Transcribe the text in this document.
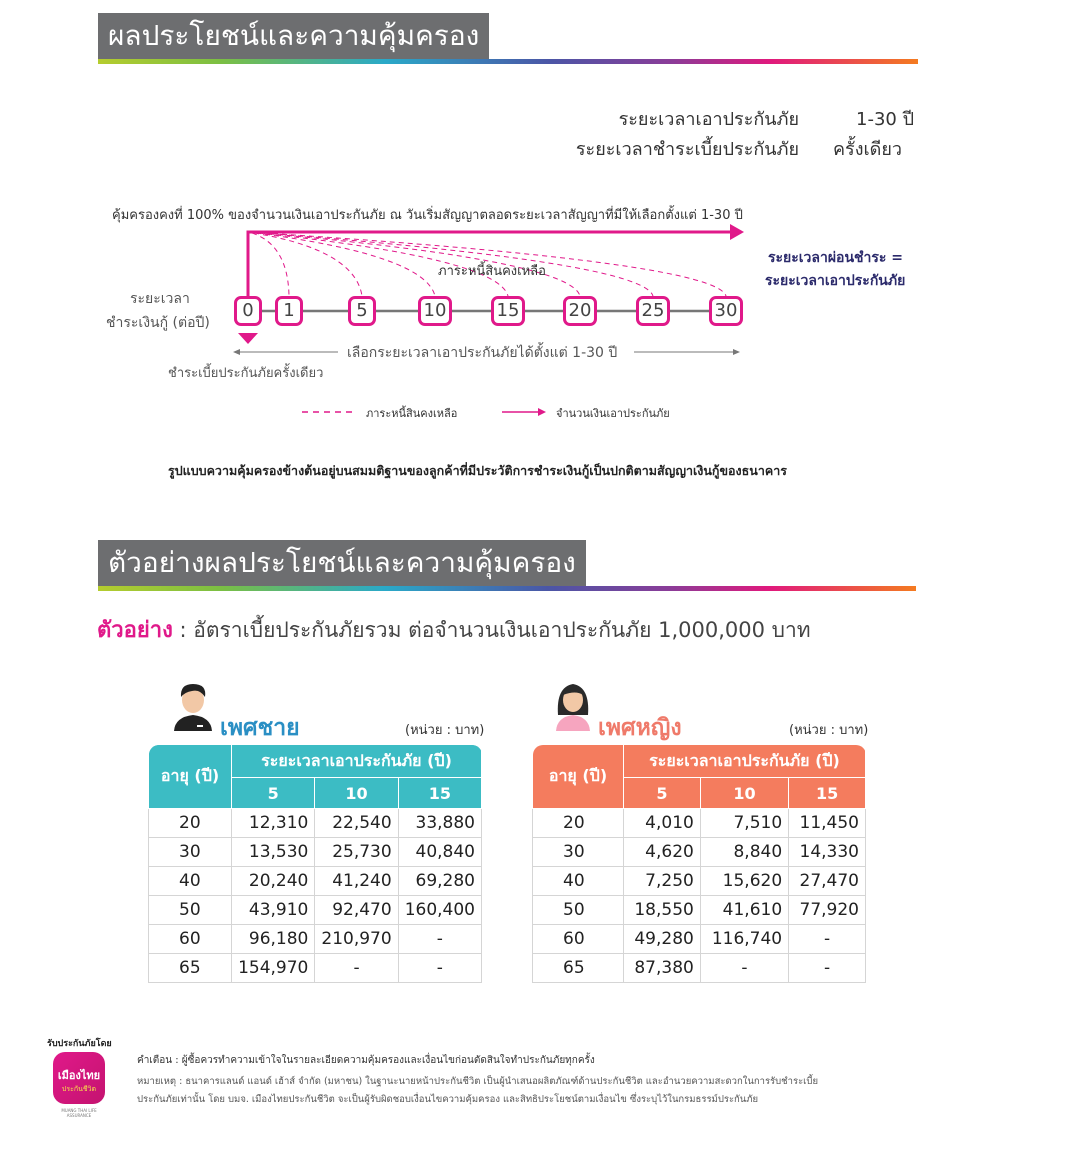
ผลประโยชน์และความคุ้มครอง
ระยะเวลาเอาประกันภัย	1-30 ปี
ระยะเวลาชำระเบี้ยประกันภัย ครั้งเดียว
คุ้มครองคงที่ 100% ของจำนวนเงินเอาประกันภัย ณ วันเริ่มสัญญาตลอดระยะเวลาสัญญาที่มีให้เลือกตั้งแต่ 1-30 ปี
0	1	5	10	15	20	25	30
ภาระหนี้สินคงเหลือ
ระยะเวลา
ชำระเงินกู้ (ต่อปี)
ระยะเวลาผ่อนชำระ =
ระยะเวลาเอาประกันภัย
เลือกระยะเวลาเอาประกันภัยได้ตั้งแต่ 1-30 ปี
ชำระเบี้ยประกันภัยครั้งเดียว
ภาระหนี้สินคงเหลือ	จำนวนเงินเอาประกันภัย
รูปแบบความคุ้มครองข้างต้นอยู่บนสมมติฐานของลูกค้าที่มีประวัติการชำระเงินกู้เป็นปกติตามสัญญาเงินกู้ของธนาคาร
ตัวอย่างผลประโยชน์และความคุ้มครอง
ตัวอย่าง : อัตราเบี้ยประกันภัยรวม ต่อจำนวนเงินเอาประกันภัย 1,000,000 บาท
เพศชาย	(หน่วย : บาท)	เพศหญิง	(หน่วย : บาท)
อายุ (ปี)	ระยะเวลาเอาประกันภัย (ปี)		
	5	10	15
20	12,310	22,540	33,880
30	13,530	25,730	40,840
40	20,240	41,240	69,280
50	43,910	92,470	160,400
60	96,180	210,970	-
65	154,970	-	-
อายุ (ปี)	ระยะเวลาเอาประกันภัย (ปี)		
	5	10	15
20	4,010	7,510	11,450
30	4,620	8,840	14,330
40	7,250	15,620	27,470
50	18,550	41,610	77,920
60	49,280	116,740	-
65	87,380	-	-
รับประกันภัยโดย
เมืองไทย
ประกันชีวิต
MUANG THAI LIFE ASSURANCE
คำเตือน : ผู้ซื้อควรทำความเข้าใจในรายละเอียดความคุ้มครองและเงื่อนไขก่อนตัดสินใจทำประกันภัยทุกครั้ง
หมายเหตุ : ธนาคารแลนด์ แอนด์ เฮ้าส์ จำกัด (มหาชน) ในฐานะนายหน้าประกันชีวิต เป็นผู้นำเสนอผลิตภัณฑ์ด้านประกันชีวิต และอำนวยความสะดวกในการรับชำระเบี้ย
ประกันภัยเท่านั้น โดย บมจ. เมืองไทยประกันชีวิต จะเป็นผู้รับผิดชอบเงื่อนไขความคุ้มครอง และสิทธิประโยชน์ตามเงื่อนไข ซึ่งระบุไว้ในกรมธรรม์ประกันภัย
